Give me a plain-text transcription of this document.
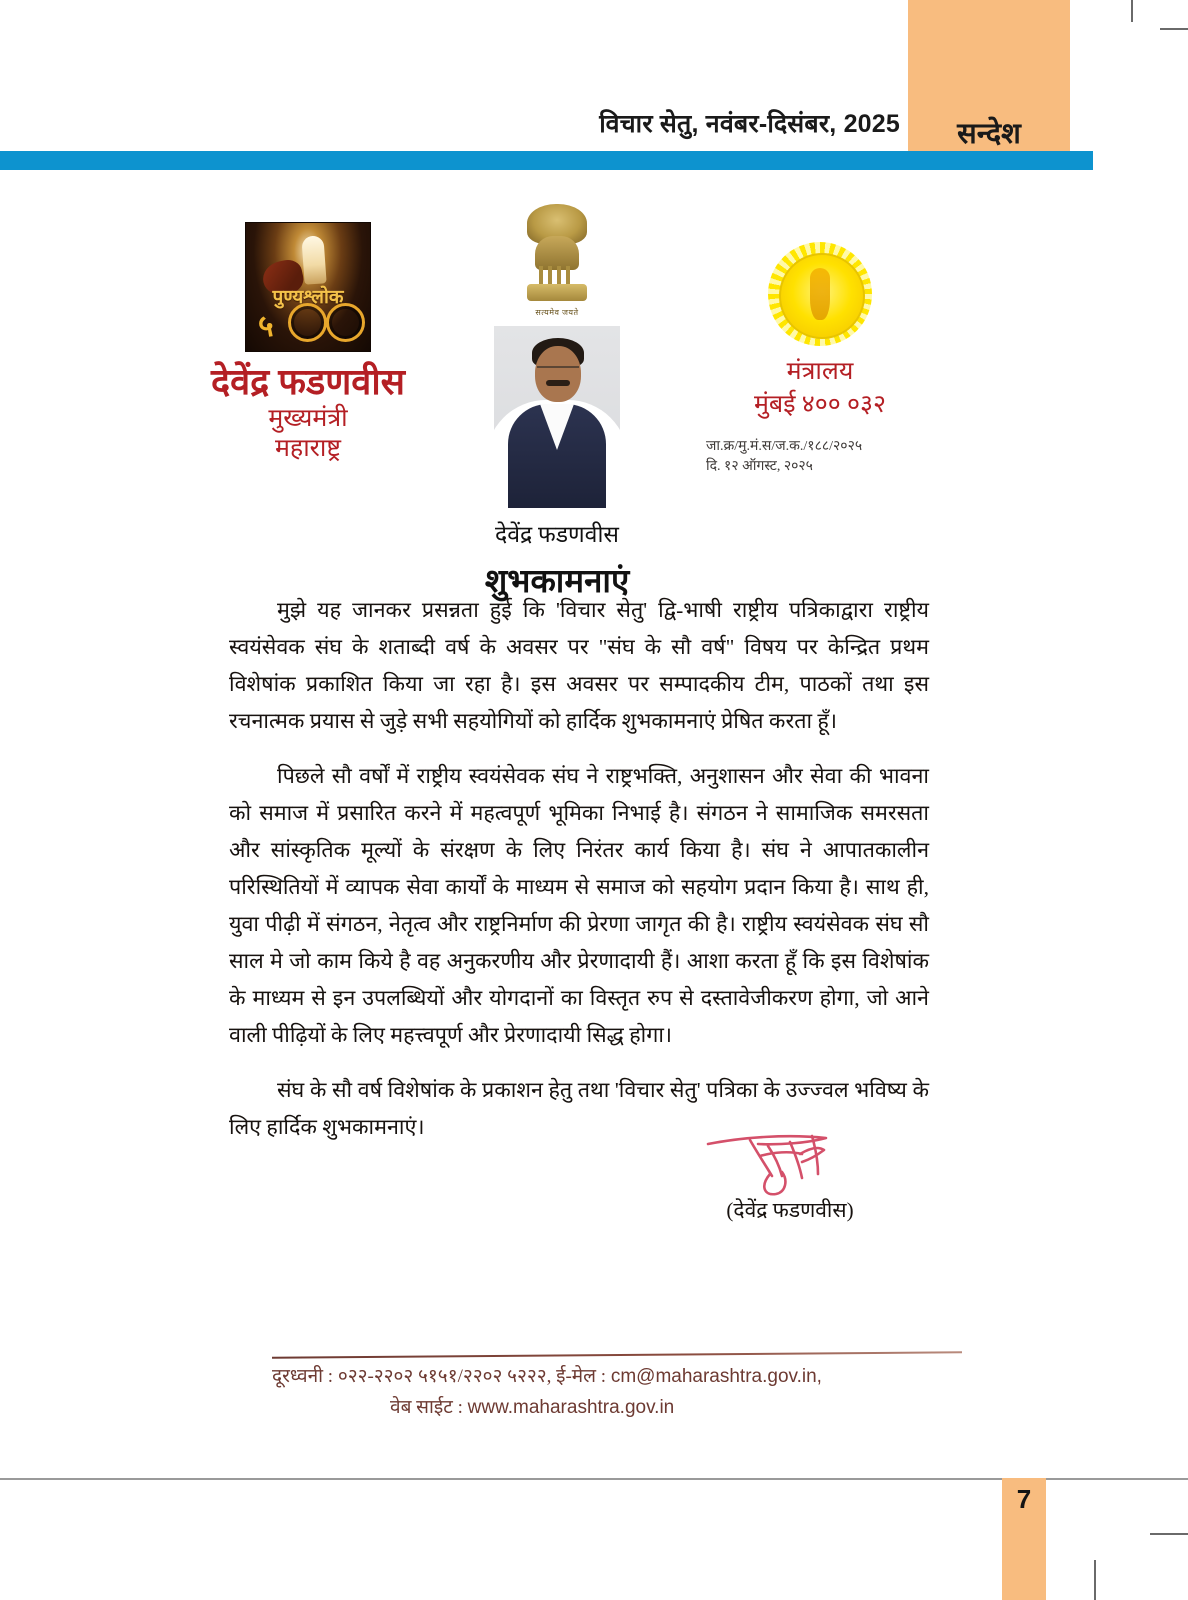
विचार सेतु, नवंबर-दिसंबर, 2025	सन्देश
पुण्यश्लोक
५
देवेंद्र फडणवीस
मुख्यमंत्री
महाराष्ट्र
सत्यमेव जयते
देवेंद्र फडणवीस
शुभकामनाएं
मंत्रालय
मुंबई ४०० ०३२
जा.क्र/मु.मं.स/ज.क./१८८/२०२५
दि. १२ ऑगस्ट, २०२५

मुझे यह जानकर प्रसन्नता हुई कि 'विचार सेतु' द्वि-भाषी राष्ट्रीय पत्रिकाद्वारा राष्ट्रीय स्वयंसेवक संघ के शताब्दी वर्ष के अवसर पर "संघ के सौ वर्ष" विषय पर केन्द्रित प्रथम विशेषांक प्रकाशित किया जा रहा है। इस अवसर पर सम्पादकीय टीम, पाठकों तथा इस रचनात्मक प्रयास से जुड़े सभी सहयोगियों को हार्दिक शुभकामनाएं प्रेषित करता हूँ।

पिछले सौ वर्षों में राष्ट्रीय स्वयंसेवक संघ ने राष्ट्रभक्ति, अनुशासन और सेवा की भावना को समाज में प्रसारित करने में महत्वपूर्ण भूमिका निभाई है। संगठन ने सामाजिक समरसता और सांस्कृतिक मूल्यों के संरक्षण के लिए निरंतर कार्य किया है। संघ ने आपातकालीन परिस्थितियों में व्यापक सेवा कार्यों के माध्यम से समाज को सहयोग प्रदान किया है। साथ ही, युवा पीढ़ी में संगठन, नेतृत्व और राष्ट्रनिर्माण की प्रेरणा जागृत की है। राष्ट्रीय स्वयंसेवक संघ सौ साल मे जो काम किये है वह अनुकरणीय और प्रेरणादायी हैं। आशा करता हूँ कि इस विशेषांक के माध्यम से इन उपलब्धियों और योगदानों का विस्तृत रुप से दस्तावेजीकरण होगा, जो आने वाली पीढ़ियों के लिए महत्त्वपूर्ण और प्रेरणादायी सिद्ध होगा।

संघ के सौ वर्ष विशेषांक के प्रकाशन हेतु तथा 'विचार सेतु' पत्रिका के उज्ज्वल भविष्य के लिए हार्दिक शुभकामनाएं।

(देवेंद्र फडणवीस)
दूरध्वनी : ०२२-२२०२ ५१५१/२२०२ ५२२२, ई-मेल : cm@maharashtra.gov.in,
वेब साईट : www.maharashtra.gov.in
7
